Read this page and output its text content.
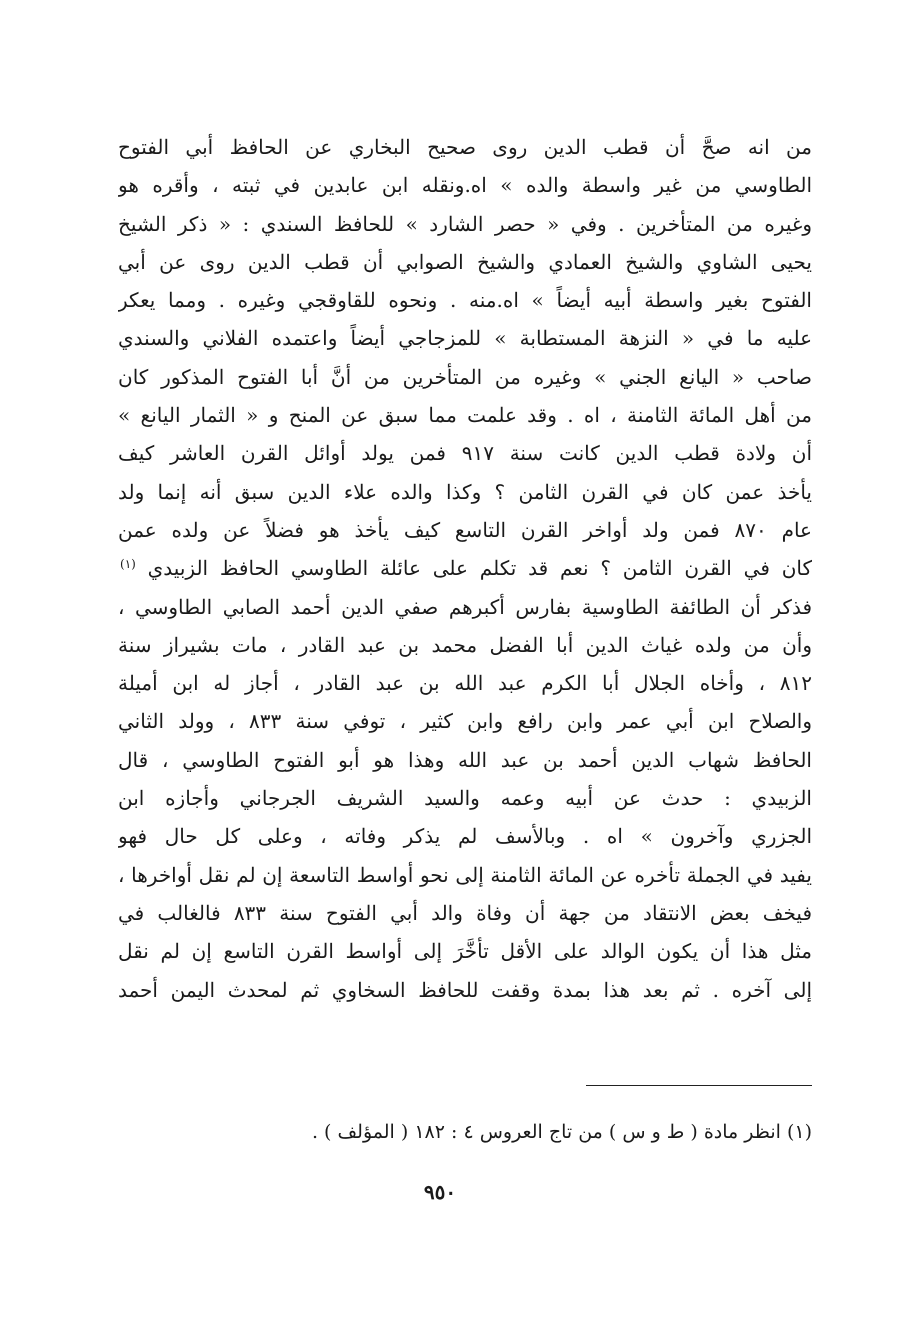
من انه صحَّ أن قطب الدين روى صحيح البخاري عن الحافظ أبي الفتوح
الطاوسي من غير واسطة والده » اه.ونقله ابن عابدين في ثبته ، وأقره هو
وغيره من المتأخرين . وفي « حصر الشارد » للحافظ السندي : « ذكر الشيخ
يحيى الشاوي والشيخ العمادي والشيخ الصوابي أن قطب الدين روى عن أبي
الفتوح بغير واسطة أبيه أيضاً » اه.منه . ونحوه للقاوقجي وغيره . ومما يعكر
عليه ما في « النزهة المستطابة » للمزجاجي أيضاً واعتمده الفلاني والسندي
صاحب « اليانع الجني » وغيره من المتأخرين من أنَّ أبا الفتوح المذكور كان
من أهل المائة الثامنة ، اه . وقد علمت مما سبق عن المنح و « الثمار اليانع »
أن ولادة قطب الدين كانت سنة ٩١٧ فمن يولد أوائل القرن العاشر كيف
يأخذ عمن كان في القرن الثامن ؟ وكذا والده علاء الدين سبق أنه إنما ولد
عام ٨٧٠ فمن ولد أواخر القرن التاسع كيف يأخذ هو فضلاً عن ولده عمن
كان في القرن الثامن ؟ نعم قد تكلم على عائلة الطاوسي الحافظ الزبيدي $^{(١)}$
فذكر أن الطائفة الطاوسية بفارس أكبرهم صفي الدين أحمد الصابي الطاوسي ،
وأن من ولده غياث الدين أبا الفضل محمد بن عبد القادر ، مات بشيراز سنة
٨١٢ ، وأخاه الجلال أبا الكرم عبد الله بن عبد القادر ، أجاز له ابن أميلة
والصلاح ابن أبي عمر وابن رافع وابن كثير ، توفي سنة ٨٣٣ ، وولد الثاني
الحافظ شهاب الدين أحمد بن عبد الله وهذا هو أبو الفتوح الطاوسي ، قال
الزبيدي : حدث عن أبيه وعمه والسيد الشريف الجرجاني وأجازه ابن
الجزري وآخرون » اه . وبالأسف لم يذكر وفاته ، وعلى كل حال فهو
يفيد في الجملة تأخره عن المائة الثامنة إلى نحو أواسط التاسعة إن لم نقل أواخرها ،
فيخف بعض الانتقاد من جهة أن وفاة والد أبي الفتوح سنة ٨٣٣ فالغالب في
مثل هذا أن يكون الوالد على الأقل تأخَّرَ إلى أواسط القرن التاسع إن لم نقل
إلى آخره . ثم بعد هذا بمدة وقفت للحافظ السخاوي ثم لمحدث اليمن أحمد
(١) انظر مادة ( ط و س ) من تاج العروس ٤ : ١٨٢ ( المؤلف ) .
٩٥٠
